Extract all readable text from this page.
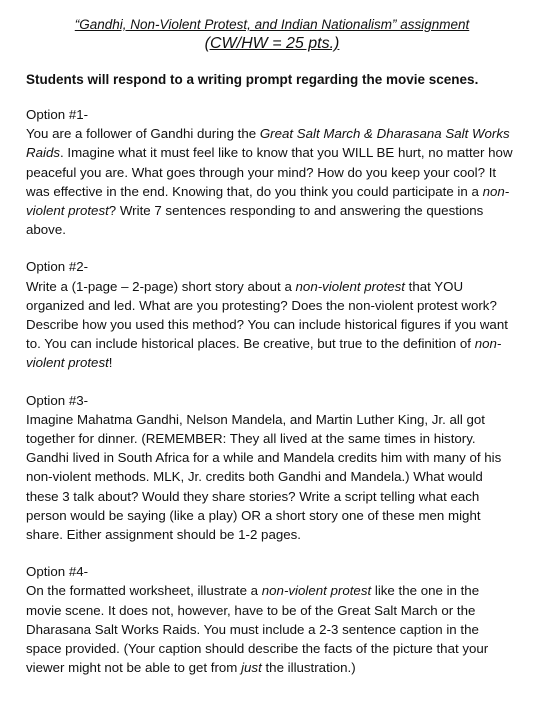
“Gandhi, Non-Violent Protest, and Indian Nationalism” assignment

(CW/HW = 25 pts.)

Students will respond to a writing prompt regarding the movie scenes.

Option #1-
You are a follower of Gandhi during the Great Salt March & Dharasana Salt Works Raids. Imagine what it must feel like to know that you WILL BE hurt, no matter how peaceful you are. What goes through your mind? How do you keep your cool? It was effective in the end. Knowing that, do you think you could participate in a non-violent protest? Write 7 sentences responding to and answering the questions above.

Option #2-
Write a (1-page – 2-page) short story about a non-violent protest that YOU organized and led. What are you protesting? Does the non-violent protest work? Describe how you used this method? You can include historical figures if you want to. You can include historical places. Be creative, but true to the definition of non-violent protest!

Option #3-
Imagine Mahatma Gandhi, Nelson Mandela, and Martin Luther King, Jr. all got together for dinner. (REMEMBER: They all lived at the same times in history. Gandhi lived in South Africa for a while and Mandela credits him with many of his non-violent methods. MLK, Jr. credits both Gandhi and Mandela.) What would these 3 talk about? Would they share stories? Write a script telling what each person would be saying (like a play) OR a short story one of these men might share. Either assignment should be 1-2 pages.

Option #4-
On the formatted worksheet, illustrate a non-violent protest like the one in the movie scene. It does not, however, have to be of the Great Salt March or the Dharasana Salt Works Raids. You must include a 2-3 sentence caption in the space provided. (Your caption should describe the facts of the picture that your viewer might not be able to get from just the illustration.)
